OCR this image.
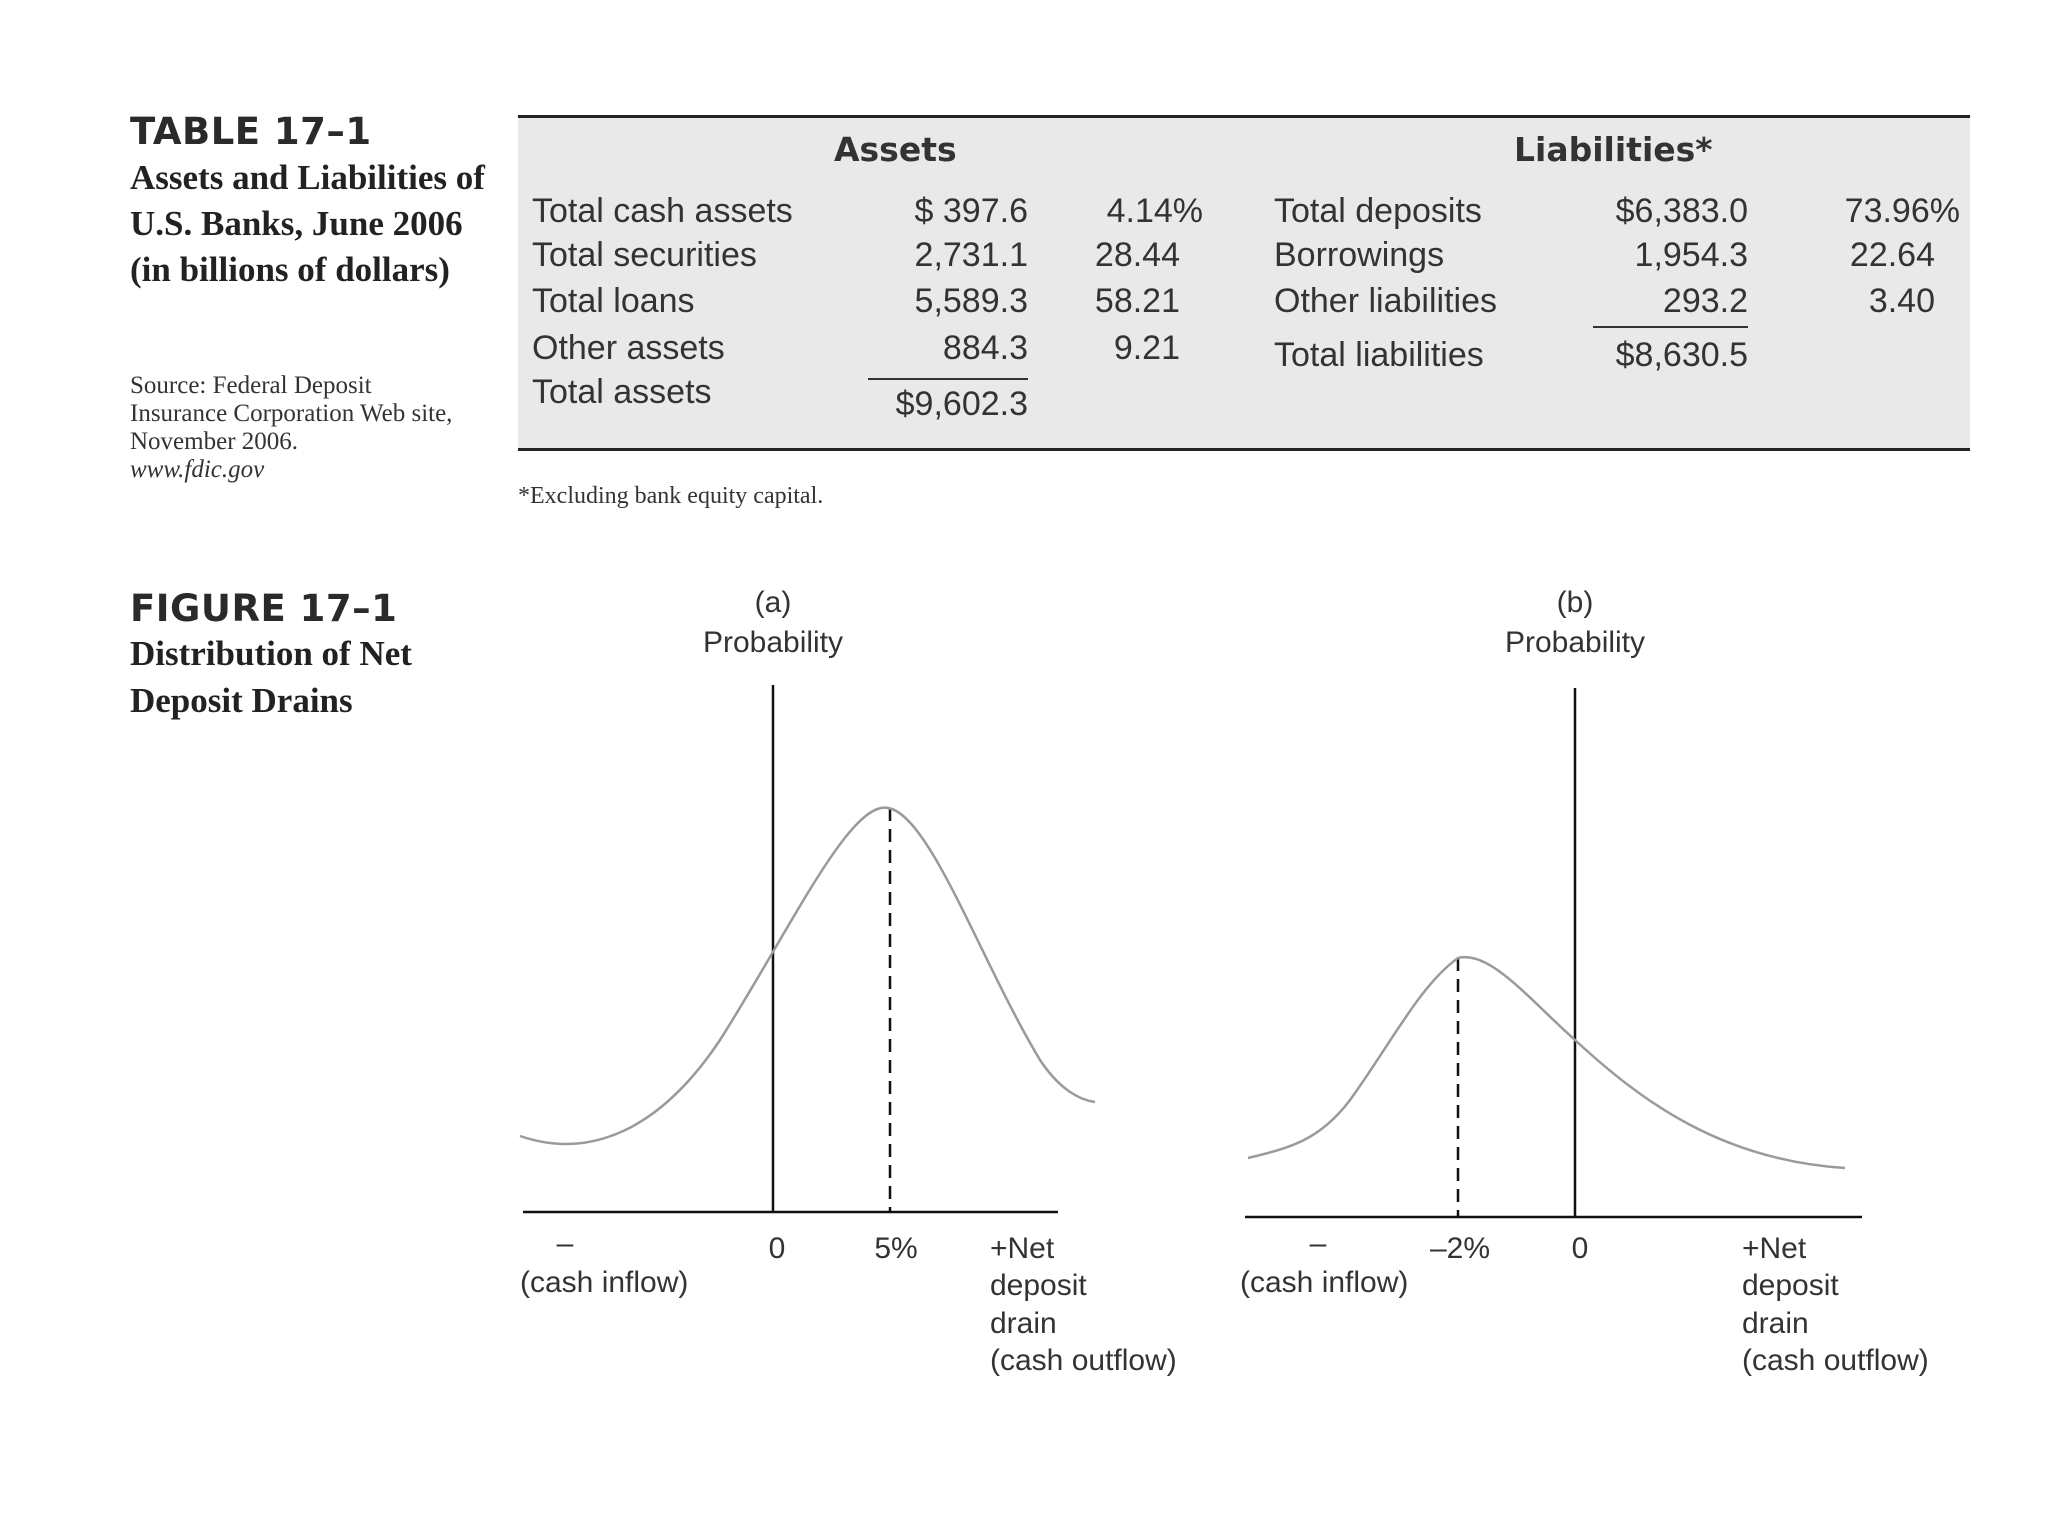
TABLE 17–1
Assets and Liabilities of U.S. Banks, June 2006 (in billions of dollars)
Source: Federal Deposit Insurance Corporation Web site, November 2006.
www.fdic.gov
Assets	Liabilities*
Total cash assets	$ 397.6	4.14%
Total securities	2,731.1	28.44
Total loans	5,589.3	58.21
Other assets	884.3	9.21
Total assets	$9,602.3
Total deposits	$6,383.0	73.96%
Borrowings	1,954.3	22.64
Other liabilities	293.2	3.40
Total liabilities	$8,630.5
*Excluding bank equity capital.
FIGURE 17–1
Distribution of Net Deposit Drains
(a)
Probability
–
(cash inflow)
0	5% +Net
deposit
drain
(cash outflow)
(b)
Probability
–
(cash inflow)
–2%	0	+Net
deposit
drain
(cash outflow)
